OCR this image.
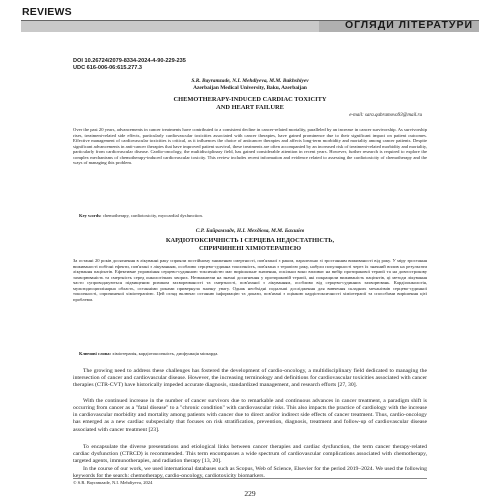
REVIEWS
ОГЛЯДИ ЛІТЕРАТУРИ
DOI 10.26724/2079-8334-2024-4-90-229-235
UDC 616-006-06:615.277.3
S.R. Bayramzade, N.I. Mehdiyeva, M.M. Bakhshiyev
Azerbaijan Medical University, Baku, Azerbaijan
CHEMOTHERAPY-INDUCED CARDIAC TOXICITY
AND HEART FAILURE
e-mail: sara.qabramova93@mail.ru
Over the past 20 years, advancements in cancer treatments have contributed to a consistent decline in cancer-related mortality, paralleled by an increase in cancer survivorship. As survivorship rises, treatment-related side effects, particularly cardiovascular toxicities associated with cancer therapies, have gained prominence due to their significant impact on patient outcomes. Effective management of cardiovascular toxicities is critical, as it influences the choice of anticancer therapies and affects long-term morbidity and mortality among cancer patients. Despite significant advancements in anti-cancer therapies that have improved patient survival, these treatments are often accompanied by an increased risk of treatment-related morbidity and mortality, particularly from cardiovascular disease. Cardio-oncology, the multidisciplinary field, has gained considerable attention in recent years. However, further research is required to explore the complex mechanisms of chemotherapy-induced cardiovascular toxicity. This review includes recent information and evidence related to assessing the cardiotoxicity of chemotherapy and the ways of managing this problem.
Key words: chemotherapy, cardiotoxicity, myocardial dysfunction.
С.Р. Байрамзаде, Н.І. Мехдієва, М.М. Бахшієв
КАРДІОТОКСИЧНІСТЬ І СЕРЦЕВА НЕДОСТАТНІСТЬ,
СПРИЧИНЕНІ ХІМІОТЕРАПІЄЮ
За останні 20 років досягнення в лікуванні раку сприяли постійному зниженню смертності, пов'язаної з раком, паралельно зі зростанням виживаності від раку. У міру зростання виживаності побічні ефекти, пов'язані з лікуванням, особливо серцево-судинна токсичність, пов'язана з терапією раку, набули популярності через їх значний вплив на результати лікування пацієнтів. Ефективне управління серцево-судинною токсичністю має вирішальне значення, оскільки воно впливає на вибір протиракової терапії та на довгострокову захворюваність та смертність серед онкологічних хворих. Незважаючи на значні досягнення у протираковій терапії, які покращили виживаність пацієнтів, ці методи лікування часто супроводжуються підвищеним ризиком захворюваності та смертності, пов'язаної з лікуванням, особливо від серцево-судинних захворювань. Кардіоонкологія, мультидисциплінарна область, останніми роками привернула значну увагу. Однак необхідні подальші дослідження для вивчення складних механізмів серцево-судинної токсичності, спричиненої хіміотерапією. Цей огляд включає останню інформацію та докази, пов'язані з оцінкою кардіотоксичності хіміотерапії та способами вирішення цієї проблеми.
Ключові слова: хіміотерапія, кардіотоксичність, дисфункція міокарда.
The growing need to address these challenges has fostered the development of cardio-oncology, a multidisciplinary field dedicated to managing the intersection of cancer and cardiovascular disease. However, the increasing terminology and definitions for cardiovascular toxicities associated with cancer therapies (CTR-CVT) have historically impeded accurate diagnosis, standardized management, and research efforts [27, 30].
With the continued increase in the number of cancer survivors due to remarkable and continuous advances in cancer treatment, a paradigm shift is occurring from cancer as a "fatal disease" to a "chronic condition" with cardiovascular risks. This also impacts the practice of cardiology with the increase in cardiovascular morbidity and mortality among patients with cancer due to direct and/or indirect side effects of cancer treatment. Thus, cardio-oncology has emerged as a new cardiac subspecialty that focuses on risk stratification, prevention, diagnosis, treatment and follow-up of cardiovascular disease associated with cancer treatment [23].
To encapsulate the diverse presentations and etiological links between cancer therapies and cardiac dysfunction, the term cancer therapy-related cardiac dysfunction (CTRCD) is recommended. This term encompasses a wide spectrum of cardiovascular complications associated with chemotherapy, targeted agents, immunotherapies, and radiation therapy [13, 20].
In the course of our work, we used international databases such as Scopus, Web of Science, Elsevier for the period 2019–2024. We used the following keywords for the search: chemotherapy, cardio-oncology, cardiotoxicity biomarkers.
© S.R. Bayramzade, N.I. Mehdiyeva, 2024
229
